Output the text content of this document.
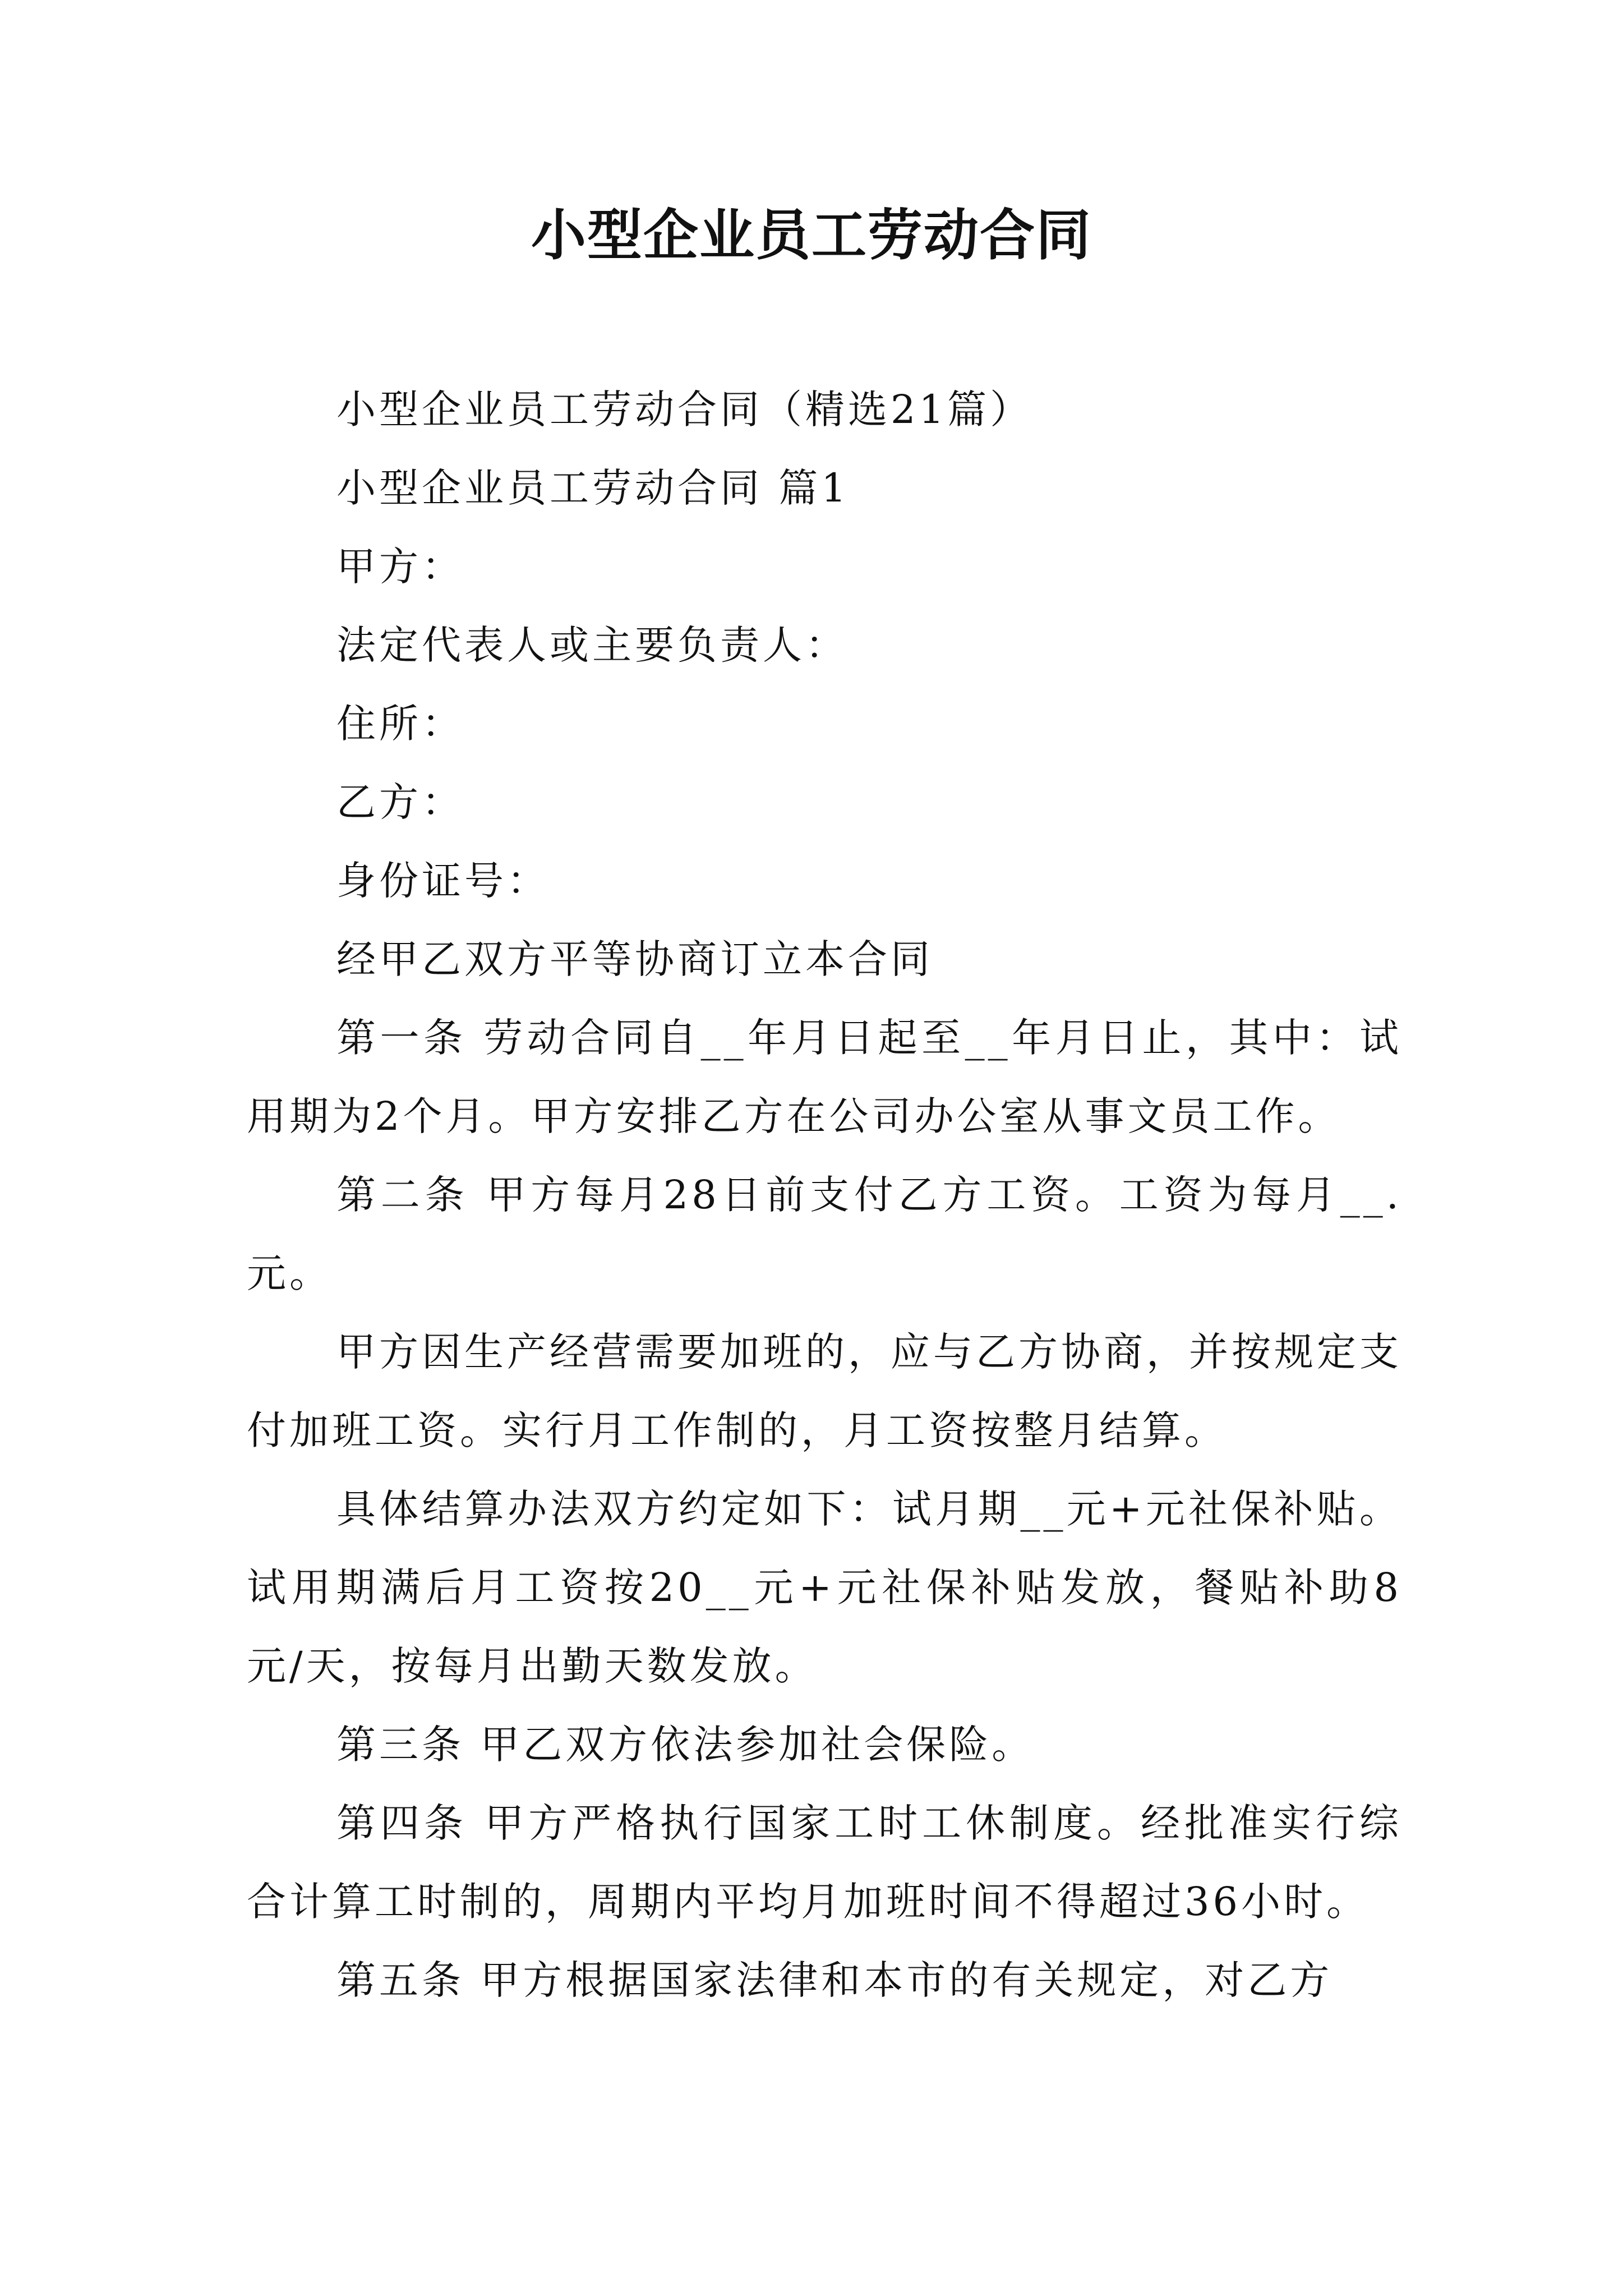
小型企业员工劳动合同

小型企业员工劳动合同（精选21篇）

小型企业员工劳动合同 篇1

甲方：

法定代表人或主要负责人：

住所：

乙方：

身份证号：

经甲乙双方平等协商订立本合同

第一条 劳动合同自__年月日起至__年月日止，其中：试用期为2个月。甲方安排乙方在公司办公室从事文员工作。

第二条 甲方每月28日前支付乙方工资。工资为每月__.元。

甲方因生产经营需要加班的，应与乙方协商，并按规定支付加班工资。实行月工作制的，月工资按整月结算。

具体结算办法双方约定如下：试月期__元+元社保补贴。试用期满后月工资按20__元+元社保补贴发放，餐贴补助8元/天，按每月出勤天数发放。

第三条 甲乙双方依法参加社会保险。

第四条 甲方严格执行国家工时工休制度。经批准实行综合计算工时制的，周期内平均月加班时间不得超过36小时。

第五条 甲方根据国家法律和本市的有关规定，对乙方
